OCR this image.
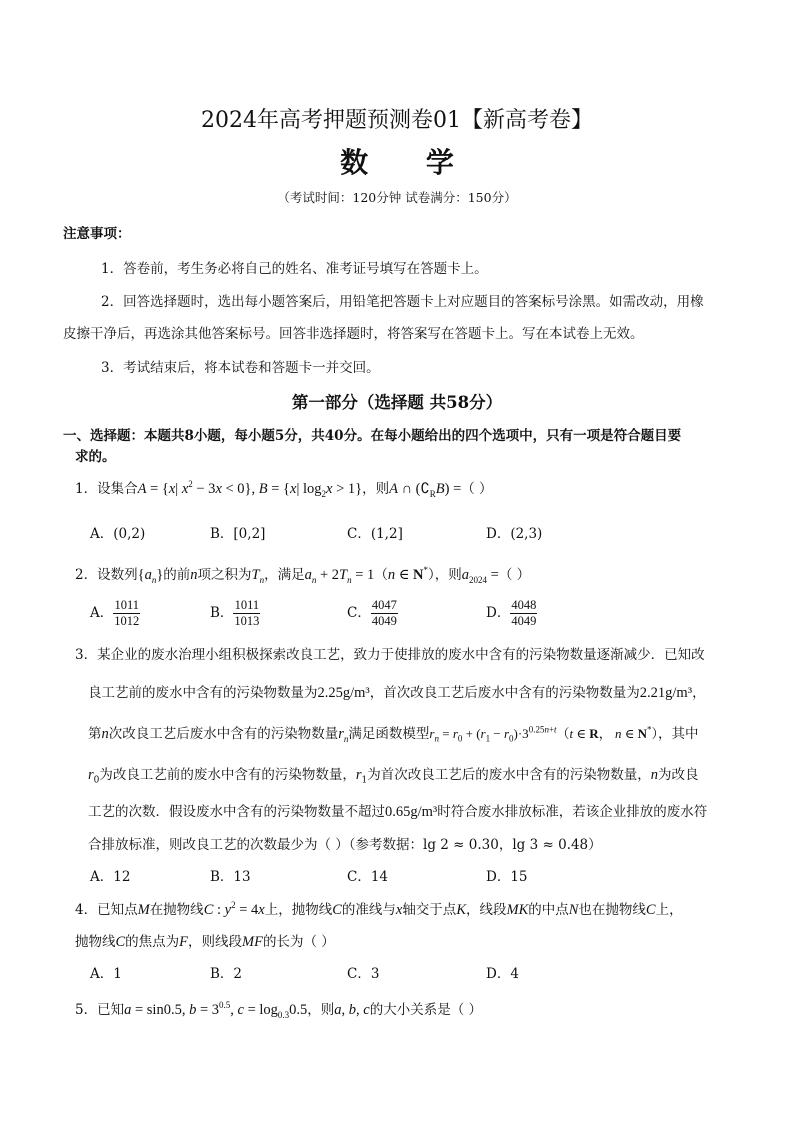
2024年高考押题预测卷01【新高考卷】
数 学
（考试时间：120分钟 试卷满分：150分）
注意事项：
1．答卷前，考生务必将自己的姓名、准考证号填写在答题卡上。
2．回答选择题时，选出每小题答案后，用铅笔把答题卡上对应题目的答案标号涂黑。如需改动，用橡
皮擦干净后，再选涂其他答案标号。回答非选择题时，将答案写在答题卡上。写在本试卷上无效。
3．考试结束后，将本试卷和答题卡一并交回。
第一部分（选择题 共58分）
一、选择题：本题共8小题，每小题5分，共40分。在每小题给出的四个选项中，只有一项是符合题目要
求的。
1．设集合A = {x| $x^2 - 3x < 0$}, B = {x| $\log_2x > 1$}，则A ∩ $(∁_RB)$ =（ ）
A．(0,2)	B．[0,2]	C．(1,2]	D．(2,3)
2．设数列$\{a_n\}$的前n项之积为$T_n$，满足$a_n + 2T_n = 1(n$ ∈ N*），则$a_{2024}$ =（ ）
A． $\frac{1011}{1012}$	B． $\frac{1011}{1013}$	C． $\frac{4047}{4049}$	D． $\frac{4048}{4049}$
3．某企业的废水治理小组积极探索改良工艺，致力于使排放的废水中含有的污染物数量逐渐减少．已知改
良工艺前的废水中含有的污染物数量为2.25g/m³，首次改良工艺后废水中含有的污染物数量为2.21g/m³，
第n次改良工艺后废水中含有的污染物数量$r_n$满足函数模型$r_n = r_0 + (r_1 - r_0)\cdot 3^{0.25n+t}(t$ ∈ R， n ∈ N*），其中
$r_0$为改良工艺前的废水中含有的污染物数量，$r_1$为首次改良工艺后的废水中含有的污染物数量，n为改良
工艺的次数．假设废水中含有的污染物数量不超过0.65g/m³时符合废水排放标准，若该企业排放的废水符
合排放标准，则改良工艺的次数最少为（ ）（参考数据：lg 2 ≈ 0.30，lg 3 ≈ 0.48）
A．12	B．13	C．14	D．15
4．已知点M在抛物线C : $y^2 = 4x$上，抛物线C的准线与x轴交于点K，线段MK的中点N也在抛物线C上，
抛物线C的焦点为F，则线段MF的长为（ ）
A．1	B．2	C．3	D．4
5．已知a = sin0.5, $b = 3^{0.5}$, $c = \log_{0.3}0.5$，则a, b, c的大小关系是（ ）
